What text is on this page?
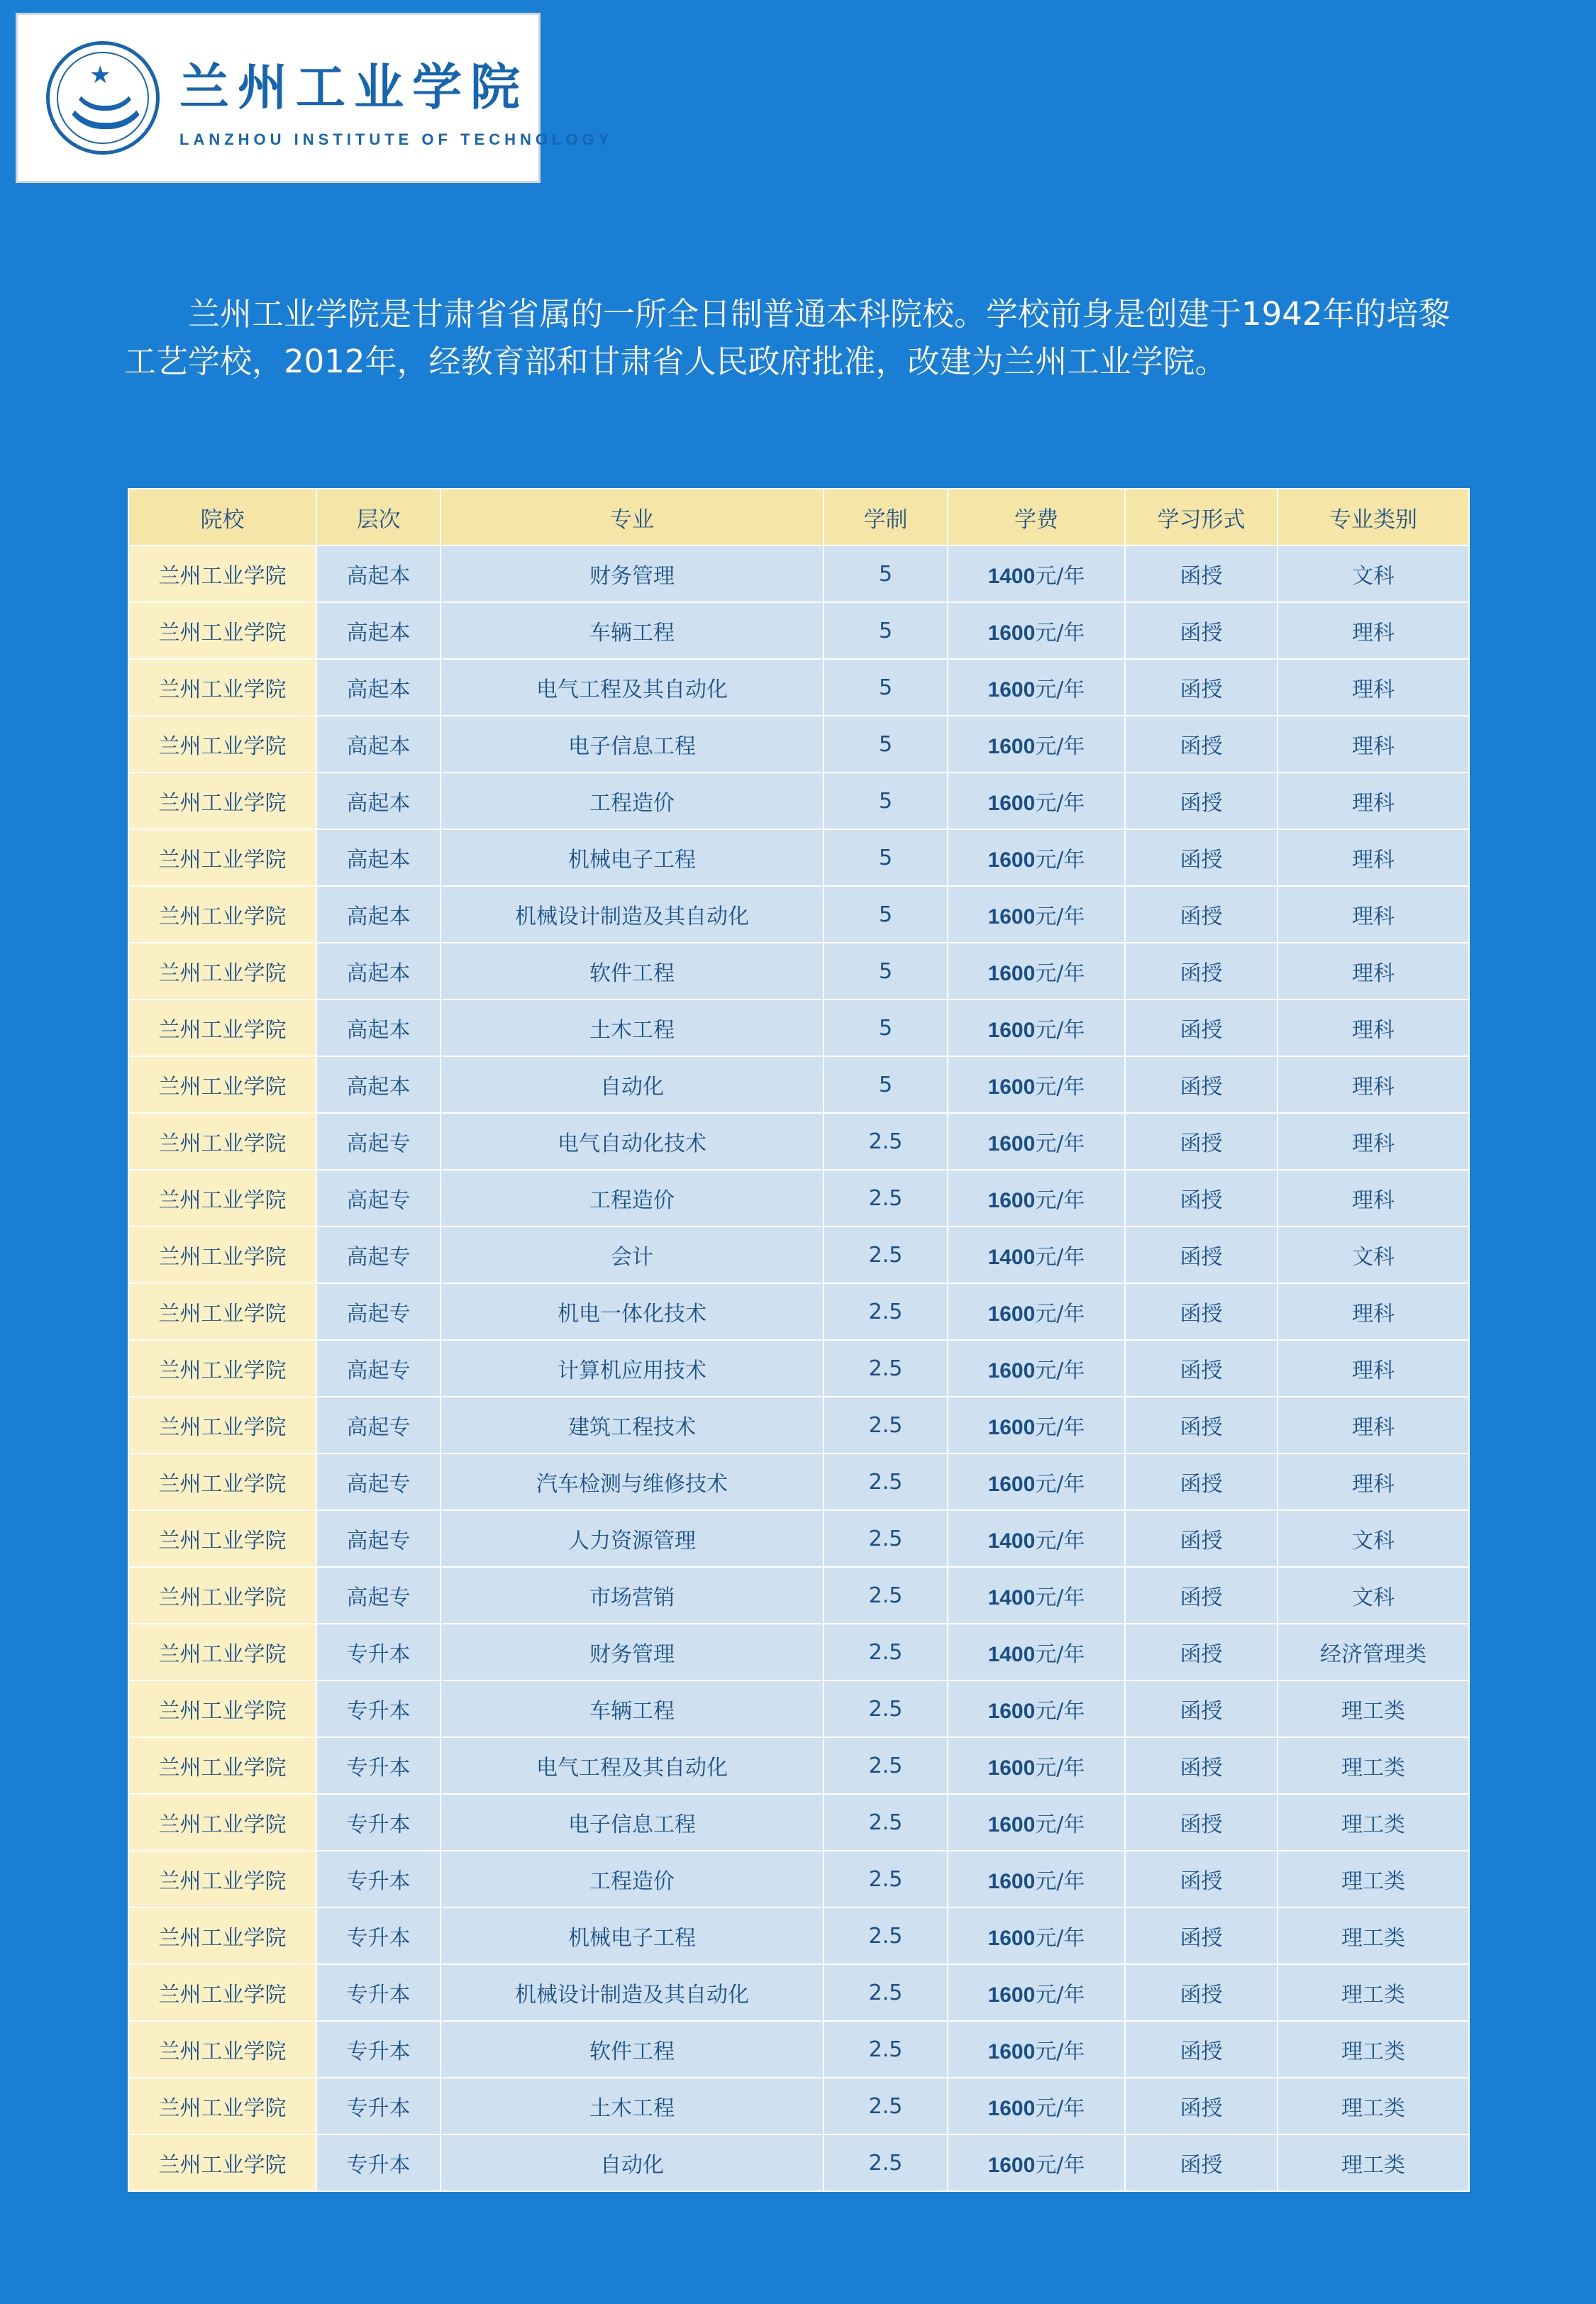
★ 兰州工业学院
LANZHOU INSTITUTE OF TECHNOLOGY
兰州工业学院是甘肃省省属的一所全日制普通本科院校。学校前身是创建于1942年的培黎工艺学校，2012年，经教育部和甘肃省人民政府批准，改建为兰州工业学院。
院校	层次	专业	学制	学费	学习形式	专业类别
兰州工业学院	高起本	财务管理	5	1400元/年	函授	文科
兰州工业学院	高起本	车辆工程	5	1600元/年	函授	理科
兰州工业学院	高起本	电气工程及其自动化	5	1600元/年	函授	理科
兰州工业学院	高起本	电子信息工程	5	1600元/年	函授	理科
兰州工业学院	高起本	工程造价	5	1600元/年	函授	理科
兰州工业学院	高起本	机械电子工程	5	1600元/年	函授	理科
兰州工业学院	高起本	机械设计制造及其自动化	5	1600元/年	函授	理科
兰州工业学院	高起本	软件工程	5	1600元/年	函授	理科
兰州工业学院	高起本	土木工程	5	1600元/年	函授	理科
兰州工业学院	高起本	自动化	5	1600元/年	函授	理科
兰州工业学院	高起专	电气自动化技术	2.5	1600元/年	函授	理科
兰州工业学院	高起专	工程造价	2.5	1600元/年	函授	理科
兰州工业学院	高起专	会计	2.5	1400元/年	函授	文科
兰州工业学院	高起专	机电一体化技术	2.5	1600元/年	函授	理科
兰州工业学院	高起专	计算机应用技术	2.5	1600元/年	函授	理科
兰州工业学院	高起专	建筑工程技术	2.5	1600元/年	函授	理科
兰州工业学院	高起专	汽车检测与维修技术	2.5	1600元/年	函授	理科
兰州工业学院	高起专	人力资源管理	2.5	1400元/年	函授	文科
兰州工业学院	高起专	市场营销	2.5	1400元/年	函授	文科
兰州工业学院	专升本	财务管理	2.5	1400元/年	函授	经济管理类
兰州工业学院	专升本	车辆工程	2.5	1600元/年	函授	理工类
兰州工业学院	专升本	电气工程及其自动化	2.5	1600元/年	函授	理工类
兰州工业学院	专升本	电子信息工程	2.5	1600元/年	函授	理工类
兰州工业学院	专升本	工程造价	2.5	1600元/年	函授	理工类
兰州工业学院	专升本	机械电子工程	2.5	1600元/年	函授	理工类
兰州工业学院	专升本	机械设计制造及其自动化	2.5	1600元/年	函授	理工类
兰州工业学院	专升本	软件工程	2.5	1600元/年	函授	理工类
兰州工业学院	专升本	土木工程	2.5	1600元/年	函授	理工类
兰州工业学院	专升本	自动化	2.5	1600元/年	函授	理工类
